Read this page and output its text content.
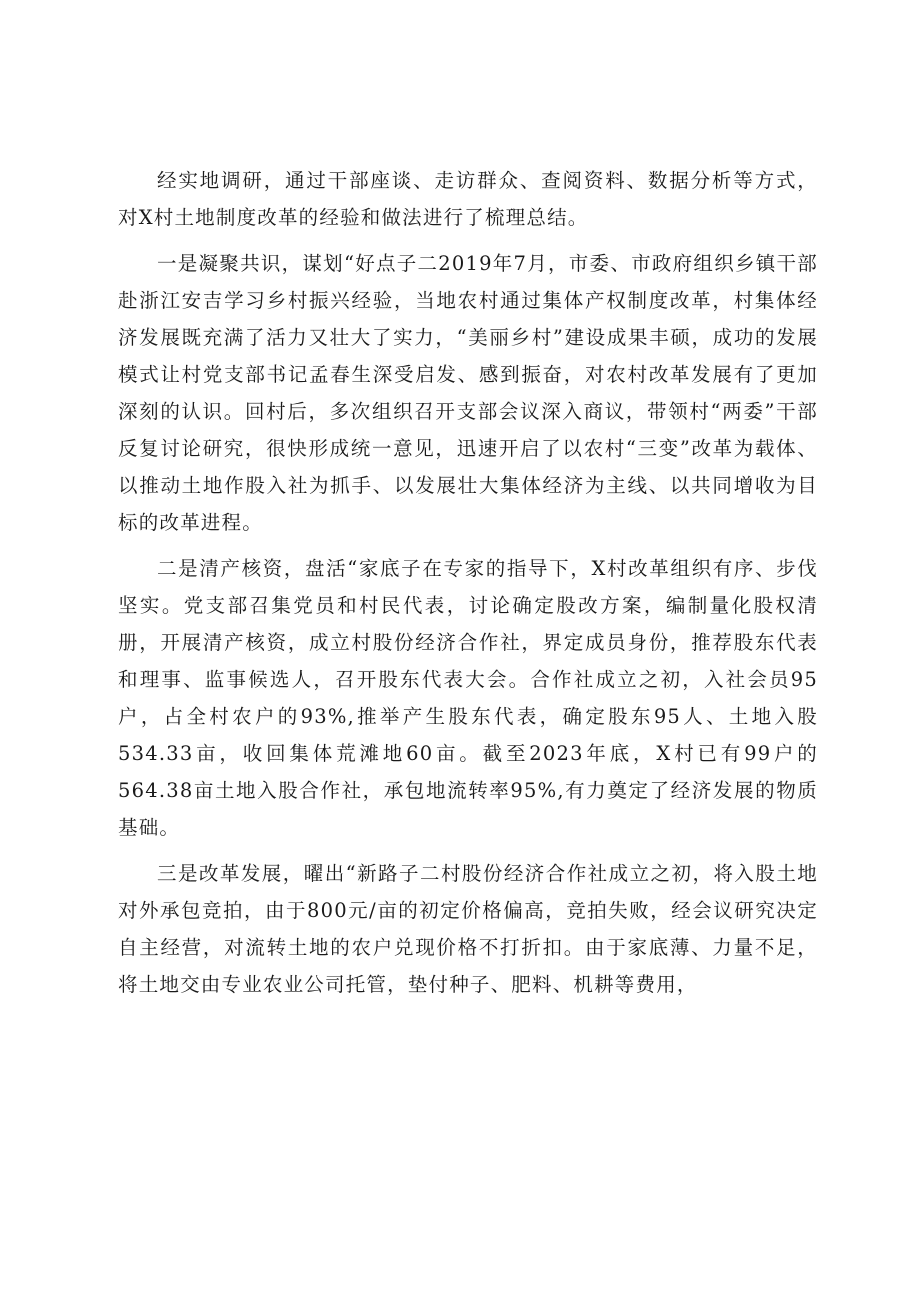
经实地调研，通过干部座谈、走访群众、查阅资料、数据分析等方式，对X村土地制度改革的经验和做法进行了梳理总结。

一是凝聚共识，谋划“好点子二2019年7月，市委、市政府组织乡镇干部赴浙江安吉学习乡村振兴经验，当地农村通过集体产权制度改革，村集体经济发展既充满了活力又壮大了实力，“美丽乡村”建设成果丰硕，成功的发展模式让村党支部书记孟春生深受启发、感到振奋，对农村改革发展有了更加深刻的认识。回村后，多次组织召开支部会议深入商议，带领村“两委”干部反复讨论研究，很快形成统一意见，迅速开启了以农村“三变”改革为载体、以推动土地作股入社为抓手、以发展壮大集体经济为主线、以共同增收为目标的改革进程。

二是清产核资，盘活“家底子在专家的指导下，X村改革组织有序、步伐坚实。党支部召集党员和村民代表，讨论确定股改方案，编制量化股权清册，开展清产核资，成立村股份经济合作社，界定成员身份，推荐股东代表和理事、监事候选人，召开股东代表大会。合作社成立之初，入社会员95户，占全村农户的93%,推举产生股东代表，确定股东95人、土地入股534.33亩，收回集体荒滩地60亩。截至2023年底，X村已有99户的564.38亩土地入股合作社，承包地流转率95%,有力奠定了经济发展的物质基础。

三是改革发展，曜出“新路子二村股份经济合作社成立之初，将入股土地对外承包竞拍，由于800元/亩的初定价格偏高，竞拍失败，经会议研究决定自主经营，对流转土地的农户兑现价格不打折扣。由于家底薄、力量不足，将土地交由专业农业公司托管，垫付种子、肥料、机耕等费用，
